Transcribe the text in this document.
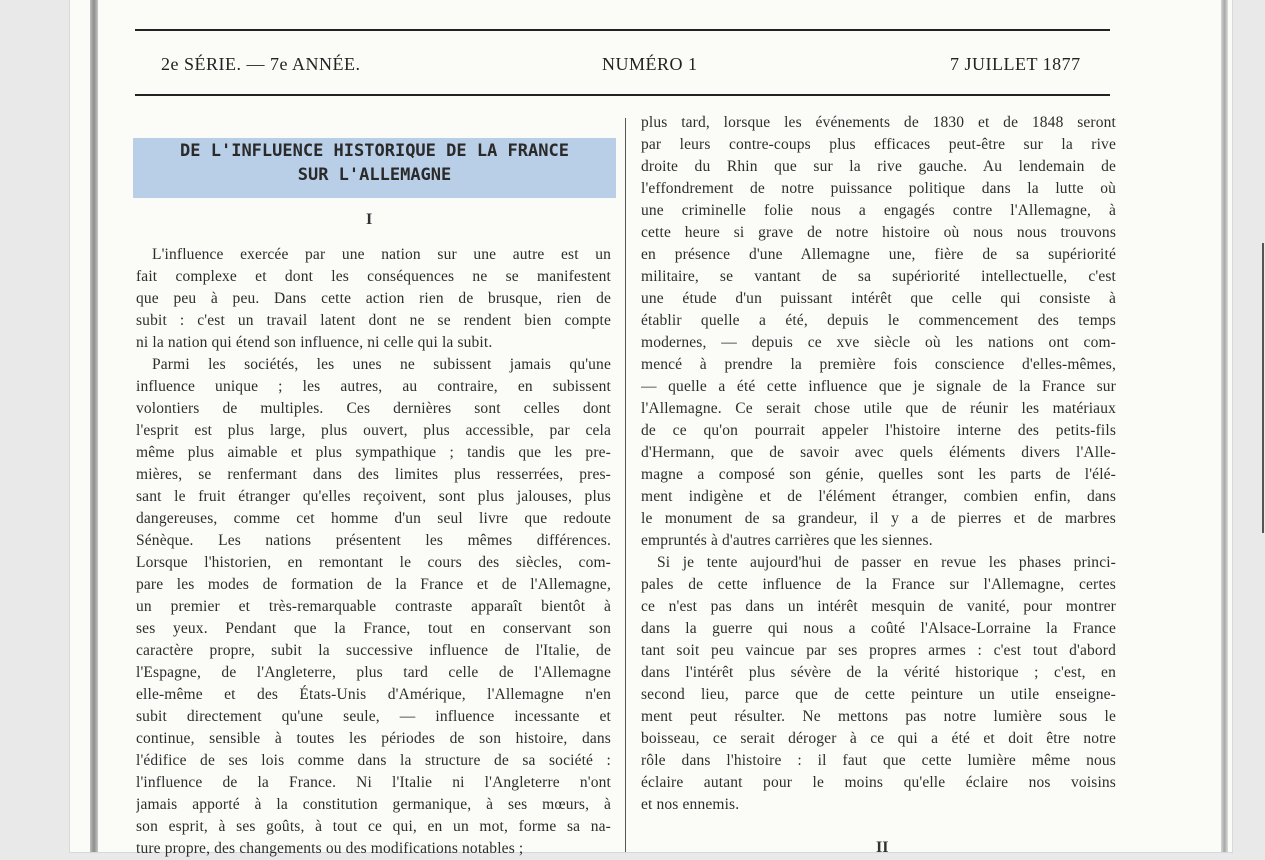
2e SÉRIE. — 7e ANNÉE.	NUMÉRO 1	7 JUILLET 1877
DE L'INFLUENCE HISTORIQUE DE LA FRANCE
SUR L'ALLEMAGNE
I
L'influence exercée par une nation sur une autre est un
fait complexe et dont les conséquences ne se manifestent
que peu à peu. Dans cette action rien de brusque, rien de
subit : c'est un travail latent dont ne se rendent bien compte
ni la nation qui étend son influence, ni celle qui la subit.
Parmi les sociétés, les unes ne subissent jamais qu'une
influence unique ; les autres, au contraire, en subissent
volontiers de multiples. Ces dernières sont celles dont
l'esprit est plus large, plus ouvert, plus accessible, par cela
même plus aimable et plus sympathique ; tandis que les pre-
mières, se renfermant dans des limites plus resserrées, pres-
sant le fruit étranger qu'elles reçoivent, sont plus jalouses, plus
dangereuses, comme cet homme d'un seul livre que redoute
Sénèque. Les nations présentent les mêmes différences.
Lorsque l'historien, en remontant le cours des siècles, com-
pare les modes de formation de la France et de l'Allemagne,
un premier et très-remarquable contraste apparaît bientôt à
ses yeux. Pendant que la France, tout en conservant son
caractère propre, subit la successive influence de l'Italie, de
l'Espagne, de l'Angleterre, plus tard celle de l'Allemagne
elle-même et des États-Unis d'Amérique, l'Allemagne n'en
subit directement qu'une seule, — influence incessante et
continue, sensible à toutes les périodes de son histoire, dans
l'édifice de ses lois comme dans la structure de sa société :
l'influence de la France. Ni l'Italie ni l'Angleterre n'ont
jamais apporté à la constitution germanique, à ses mœurs, à
son esprit, à ses goûts, à tout ce qui, en un mot, forme sa na-
ture propre, des changements ou des modifications notables ;
plus tard, lorsque les événements de 1830 et de 1848 seront
par leurs contre-coups plus efficaces peut-être sur la rive
droite du Rhin que sur la rive gauche. Au lendemain de
l'effondrement de notre puissance politique dans la lutte où
une criminelle folie nous a engagés contre l'Allemagne, à
cette heure si grave de notre histoire où nous nous trouvons
en présence d'une Allemagne une, fière de sa supériorité
militaire, se vantant de sa supériorité intellectuelle, c'est
une étude d'un puissant intérêt que celle qui consiste à
établir quelle a été, depuis le commencement des temps
modernes, — depuis ce xve siècle où les nations ont com-
mencé à prendre la première fois conscience d'elles-mêmes,
— quelle a été cette influence que je signale de la France sur
l'Allemagne. Ce serait chose utile que de réunir les matériaux
de ce qu'on pourrait appeler l'histoire interne des petits-fils
d'Hermann, que de savoir avec quels éléments divers l'Alle-
magne a composé son génie, quelles sont les parts de l'élé-
ment indigène et de l'élément étranger, combien enfin, dans
le monument de sa grandeur, il y a de pierres et de marbres
empruntés à d'autres carrières que les siennes.
Si je tente aujourd'hui de passer en revue les phases princi-
pales de cette influence de la France sur l'Allemagne, certes
ce n'est pas dans un intérêt mesquin de vanité, pour montrer
dans la guerre qui nous a coûté l'Alsace-Lorraine la France
tant soit peu vaincue par ses propres armes : c'est tout d'abord
dans l'intérêt plus sévère de la vérité historique ; c'est, en
second lieu, parce que de cette peinture un utile enseigne-
ment peut résulter. Ne mettons pas notre lumière sous le
boisseau, ce serait déroger à ce qui a été et doit être notre
rôle dans l'histoire : il faut que cette lumière même nous
éclaire autant pour le moins qu'elle éclaire nos voisins
et nos ennemis.
II
